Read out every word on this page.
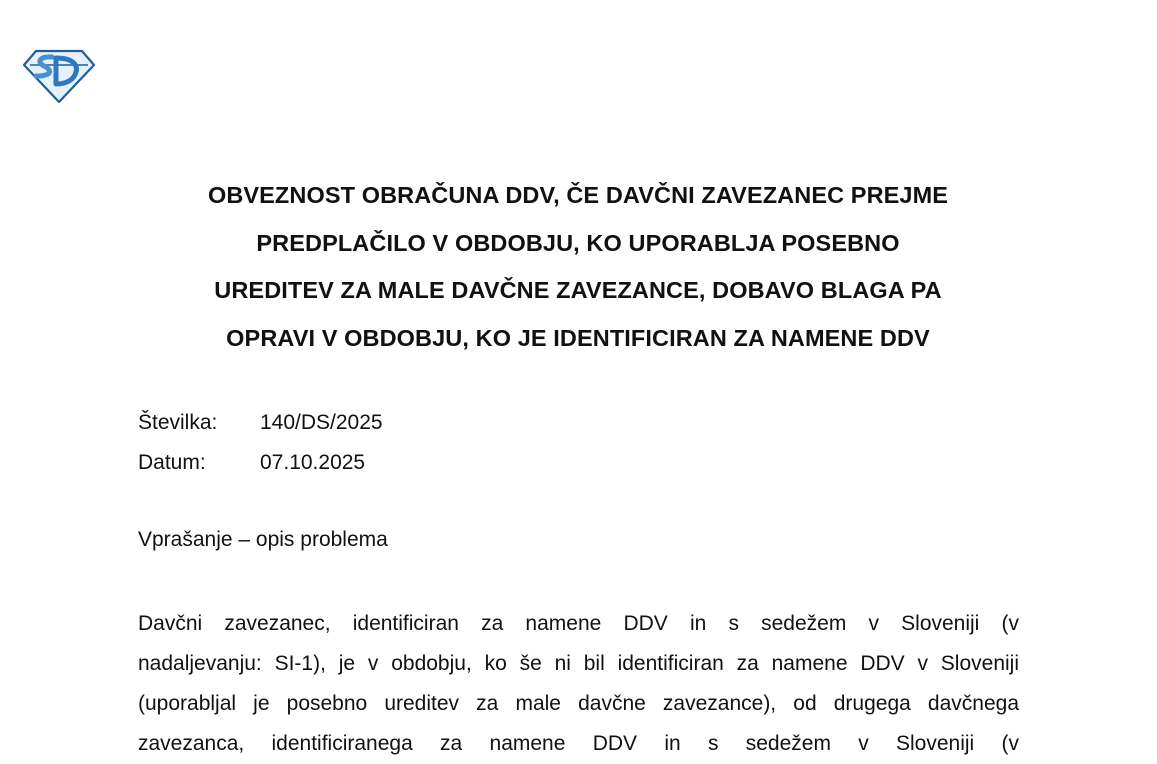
OBVEZNOST OBRAČUNA DDV, ČE DAVČNI ZAVEZANEC PREJME
PREDPLAČILO V OBDOBJU, KO UPORABLJA POSEBNO
UREDITEV ZA MALE DAVČNE ZAVEZANCE, DOBAVO BLAGA PA
OPRAVI V OBDOBJU, KO JE IDENTIFICIRAN ZA NAMENE DDV
Številka:	140/DS/2025
Datum:	07.10.2025
Vprašanje – opis problema
Davčni zavezanec, identificiran za namene DDV in s sedežem v Sloveniji (v
nadaljevanju: SI-1), je v obdobju, ko še ni bil identificiran za namene DDV v Sloveniji
(uporabljal je posebno ureditev za male davčne zavezance), od drugega davčnega
zavezanca, identificiranega za namene DDV in s sedežem v Sloveniji (v
